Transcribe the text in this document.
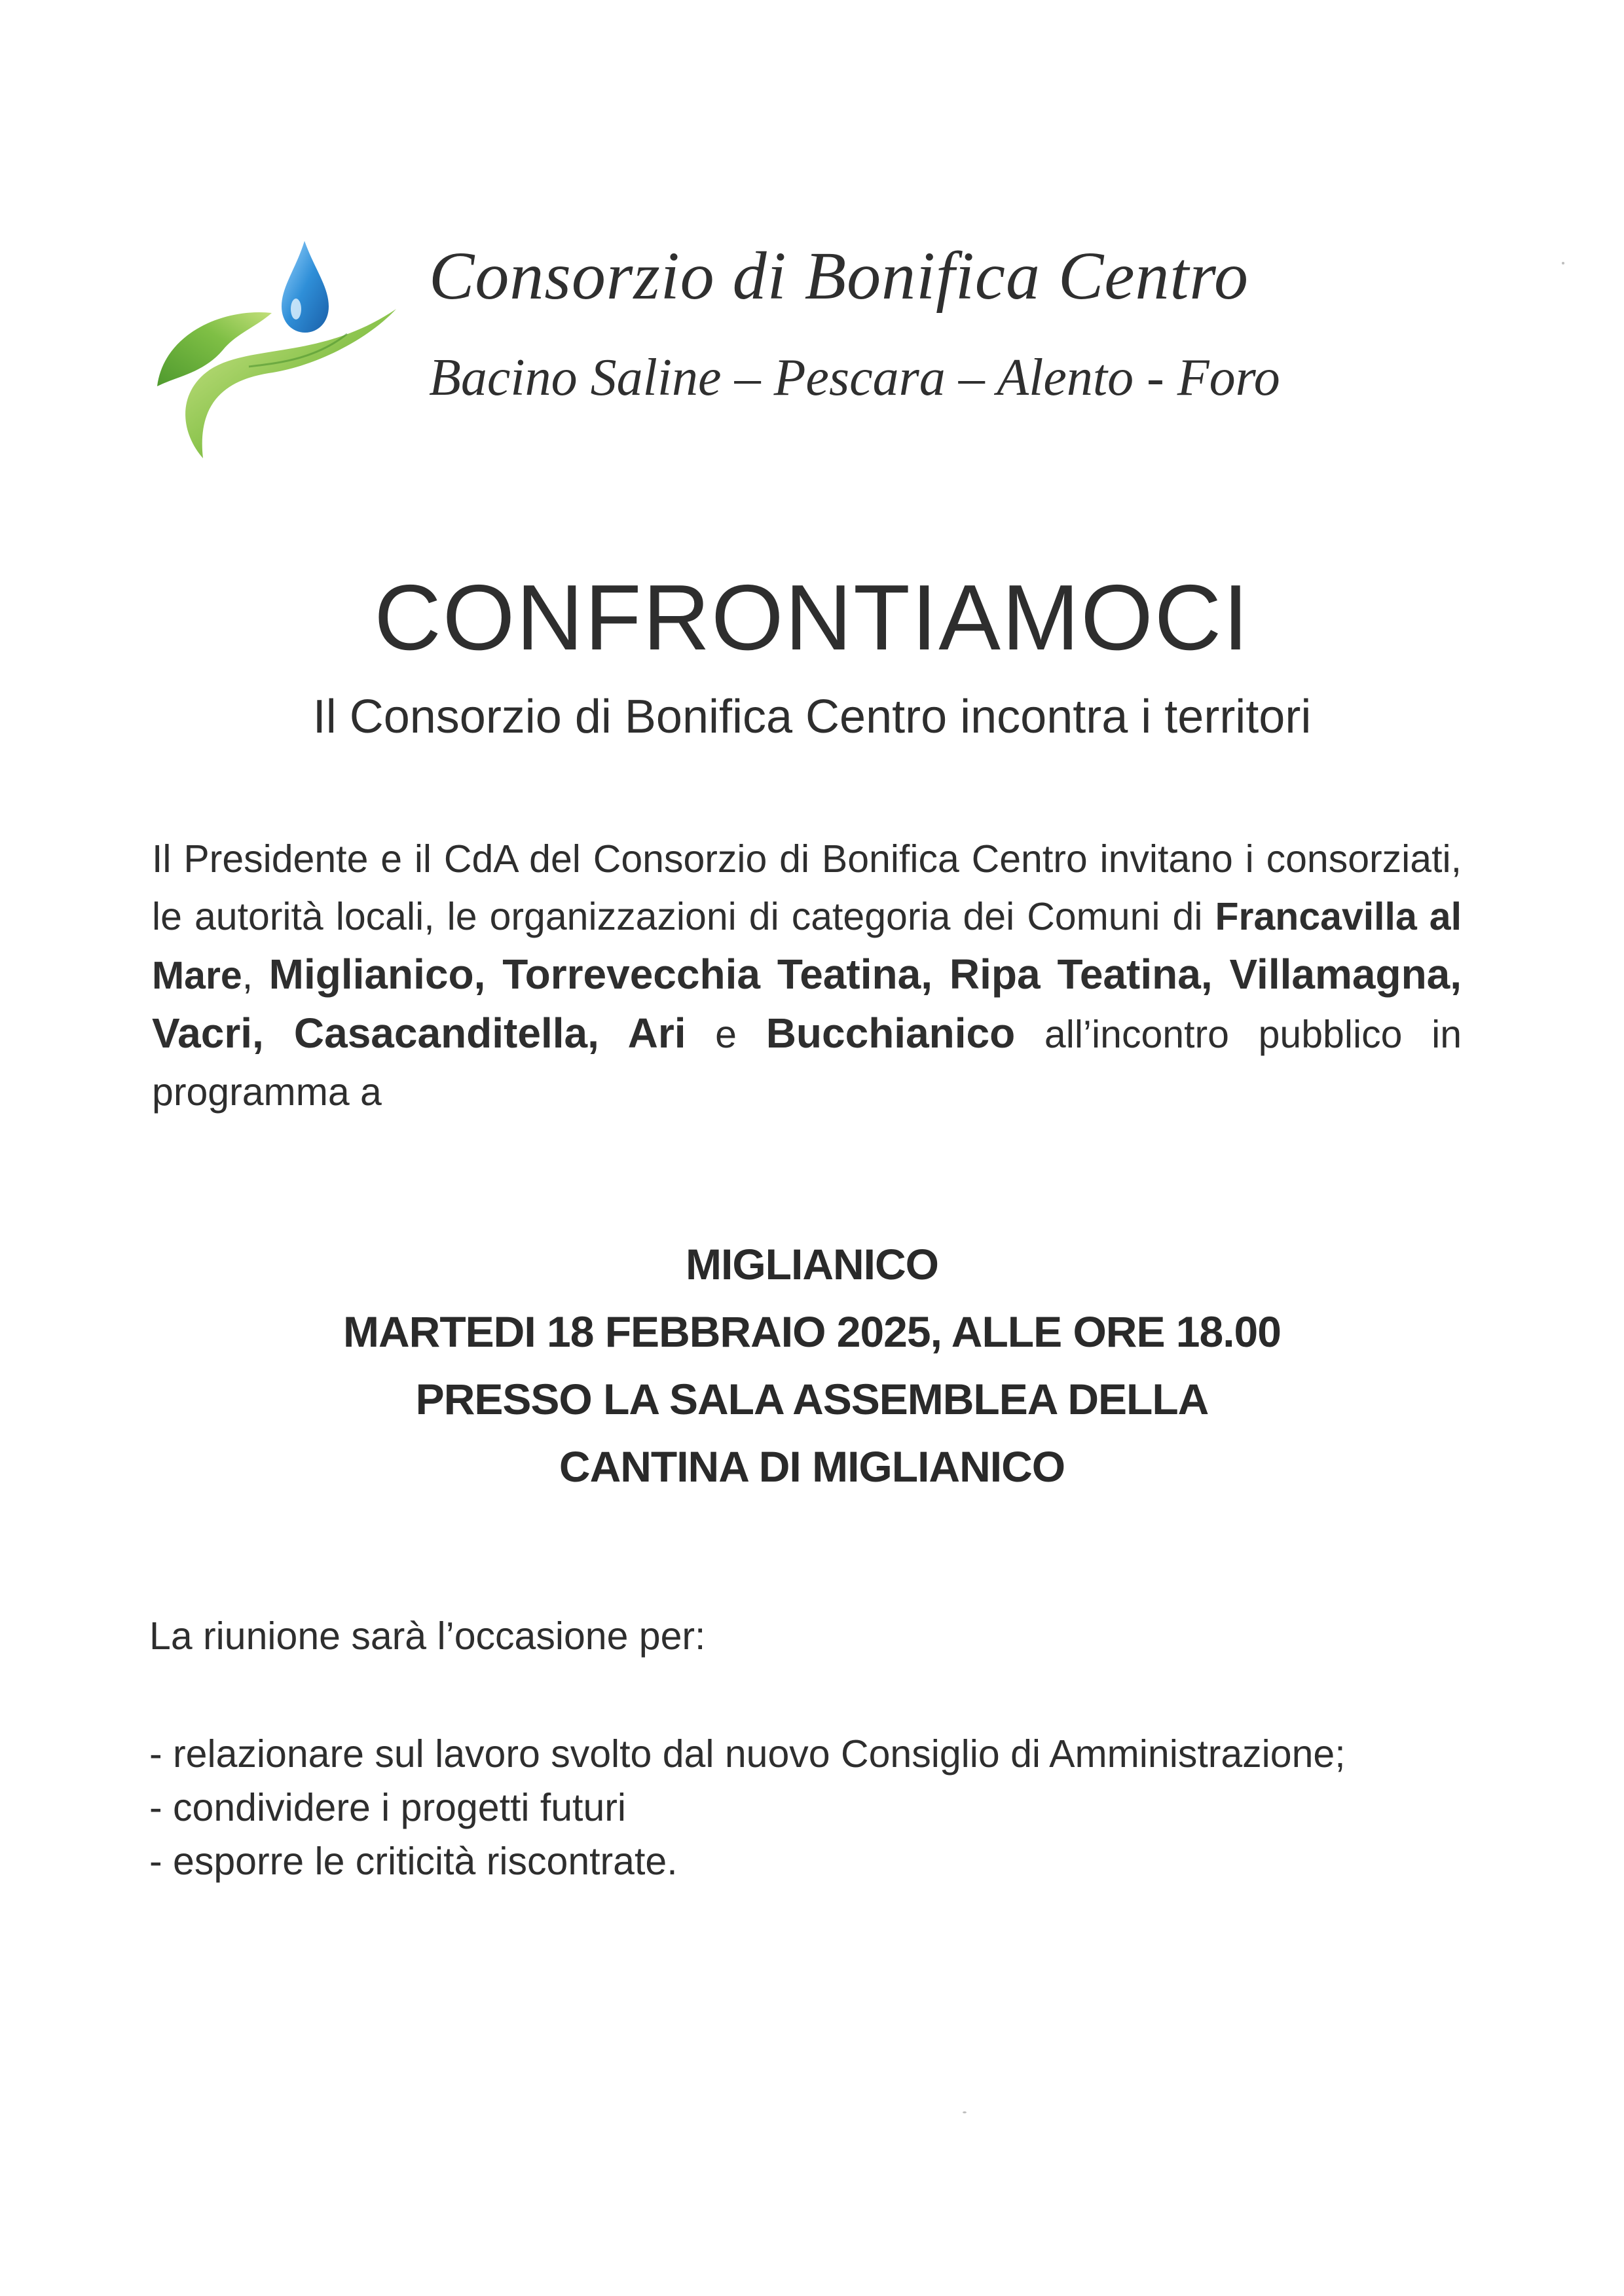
Consorzio di Bonifica Centro
Bacino Saline – Pescara – Alento - Foro
CONFRONTIAMOCI
Il Consorzio di Bonifica Centro incontra i territori
Il Presidente e il CdA del Consorzio di Bonifica Centro invitano i consorziati, le autorità locali, le organizzazioni di categoria dei Comuni di Francavilla al Mare, Miglianico, Torrevecchia Teatina, Ripa Teatina, Villamagna, Vacri, Casacanditella, Ari e Bucchianico all’incontro pubblico in programma a
MIGLIANICO
MARTEDI 18 FEBBRAIO 2025, ALLE ORE 18.00
PRESSO LA SALA ASSEMBLEA DELLA
CANTINA DI MIGLIANICO
La riunione sarà l’occasione per:
- relazionare sul lavoro svolto dal nuovo Consiglio di Amministrazione;
- condividere i progetti futuri
- esporre le criticità riscontrate.
